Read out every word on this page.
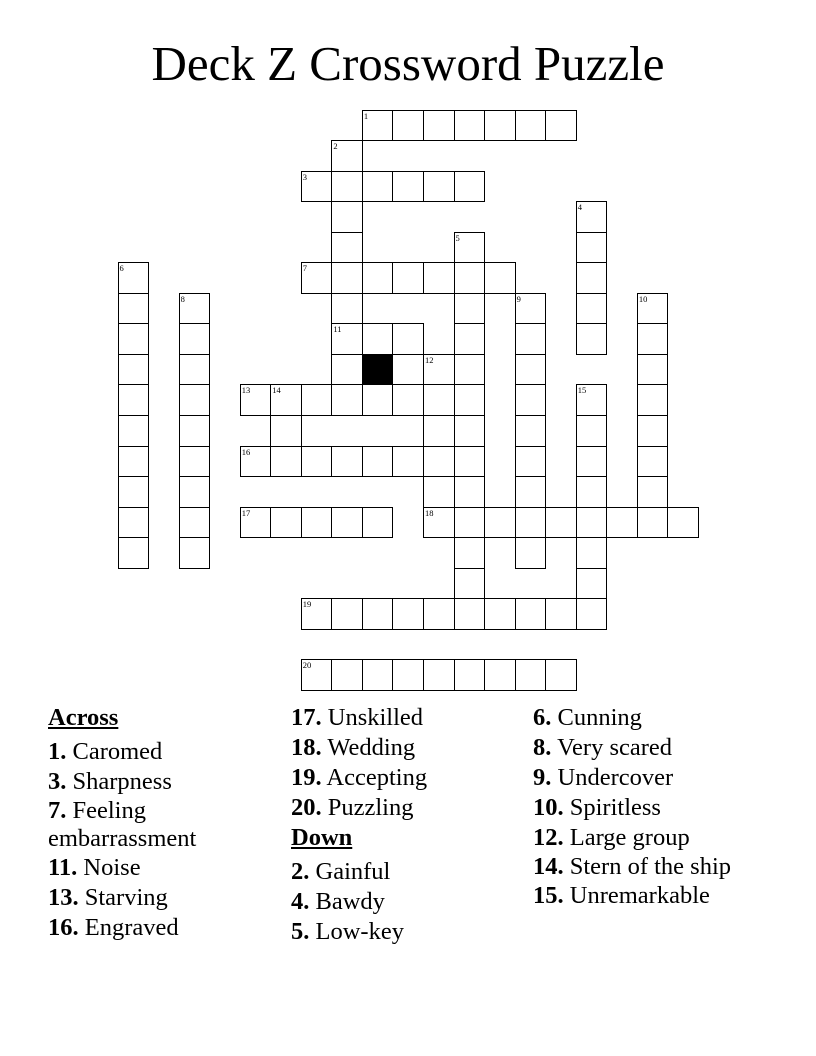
Deck Z Crossword Puzzle
1
3
7
11
13	14
16
17	18
19
20
2
4
5
6
8	9	10
12
15
Across
1. Caromed
3. Sharpness
7. Feeling embarrassment
11. Noise
13. Starving
16. Engraved
17. Unskilled
18. Wedding
19. Accepting
20. Puzzling
Down
2. Gainful
4. Bawdy
5. Low-key
6. Cunning
8. Very scared
9. Undercover
10. Spiritless
12. Large group
14. Stern of the ship
15. Unremarkable
